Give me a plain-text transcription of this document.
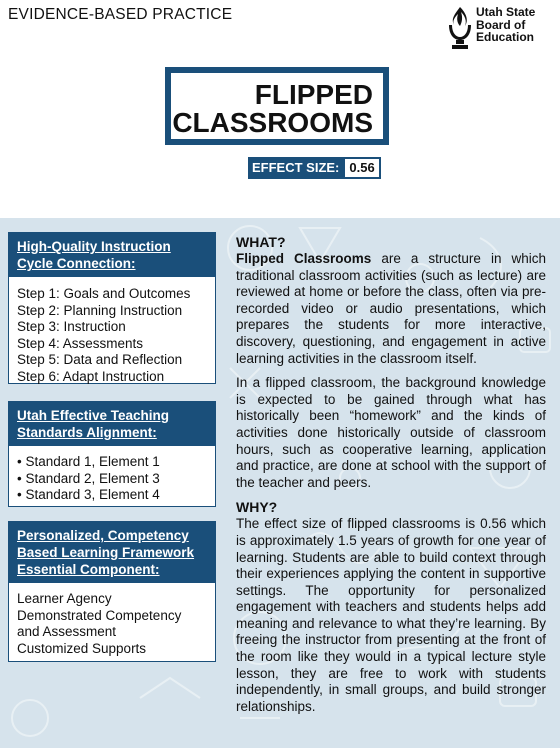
EVIDENCE-BASED PRACTICE	Utah State
Board of
Education
FLIPPED
CLASSROOMS
EFFECT SIZE: 0.56
High-Quality Instruction
Cycle Connection:
Step 1: Goals and Outcomes
Step 2: Planning Instruction
Step 3: Instruction
Step 4: Assessments
Step 5: Data and Reflection
Step 6: Adapt Instruction
Utah Effective Teaching
Standards Alignment:
• Standard 1, Element 1
• Standard 2, Element 3
• Standard 3, Element 4
Personalized, Competency
Based Learning Framework
Essential Component:
Learner Agency
Demonstrated Competency
and Assessment
Customized Supports
WHAT?

Flipped Classrooms are a structure in which traditional classroom activities (such as lecture) are reviewed at home or before the class, often via pre-recorded video or audio presentations, which prepares the students for more interactive, discovery, questioning, and engagement in active learning activities in the classroom itself.

In a flipped classroom, the background knowledge is expected to be gained through what has historically been “homework” and the kinds of activities done historically outside of classroom hours, such as cooperative learning, application and practice, are done at school with the support of the teacher and peers.

WHY?

The effect size of flipped classrooms is 0.56 which is approximately 1.5 years of growth for one year of learning. Students are able to build context through their experiences applying the content in supportive settings. The opportunity for personalized engagement with teachers and students helps add meaning and relevance to what they’re learning. By freeing the instructor from presenting at the front of the room like they would in a typical lecture style lesson, they are free to work with students independently, in small groups, and build stronger relationships.
